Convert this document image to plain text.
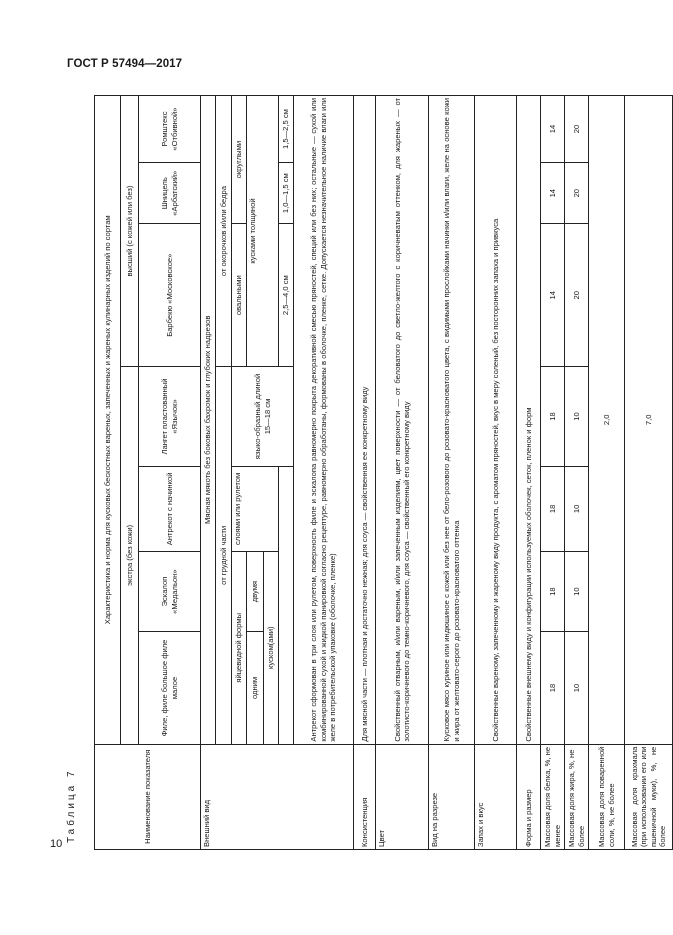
ГОСТ Р 57494—2017
10
Таблица 7	Наименование показателя	Характеристика и норма для кусковых бескостных вареных, запеченных и жареных кулинарных изделий по сортам						
	экстра (без кожи)				высший (с кожей или без)		
	Филе, филе большое филе малое	Эскалоп «Медальон»	Антрекот с начинкой	Лангет пластованный «Язычок»	Барбекю «Московское»	Шницель «Арбатский»	Ромштекс «Отбивной»
Внешний вид	Мясная мякоть без боковых бахромок и глубоких надрезов						
	от грудной части				от окорочков и/или бедра		
	яйцевидной формы		слоями или рулетом	языко-образный длиной 15—18 см	овальными	округлыми	
	одним	двумя			кусками толщиной		
	куском(ами)						
					2,5—4,0 см	1,0—1,5 см	1,5—2,5 см
	Антрекот сформован в три слоя или рулетом, поверхность филе и эскалопа равномерно покрыта декоративной смесью пряностей, специй или без них; остальные — сухой или комбинированной сухой и жидкой панировкой согласно рецептуре, равномерно обработаны, формованы в оболочке, пленке, сетке. Допускается незначительное наличие влаги или желе в потребительской упаковке (оболочке, пленке)						
Консистенция	Для мясной части — плотная и достаточно нежная; для соуса — свойственная ее конкретному виду						
Цвет	Свойственный отварным, и/или вареным, и/или запеченным изделиям, цвет поверхности — от беловатого до светло-желтого с коричневатым оттенком, для жареных — от золотисто-коричневого до темно-коричневого, для соуса — свойственный его конкретному виду						
Вид на разрезе	Кусковое мясо куриное или индюшиное с кожей или без нее от бело-розового до розовато-красноватого цвета, с видимыми прослойками начинки и/или влаги, желе на основе кожи и жира от желтовато-серого до розовато-красноватого оттенка						
Запах и вкус	Свойственные вареному, запеченному и жареному виду продукта, с ароматом пряностей, вкус в меру соленый, без посторонних запаха и привкуса						
Форма и размер	Свойственные внешнему виду и конфигурации используемых оболочек, сеток, пленок и форм						
Массовая доля белка, %, не менее	18	18	18	18	14	14	14
Массовая доля жира, %, не более	10	10	10	10	20	20	20
Массовая доля поваренной соли, %, не более	2,0						
Массовая доля крахмала (при использовании его или пшеничной муки), %, не более	7,0						
